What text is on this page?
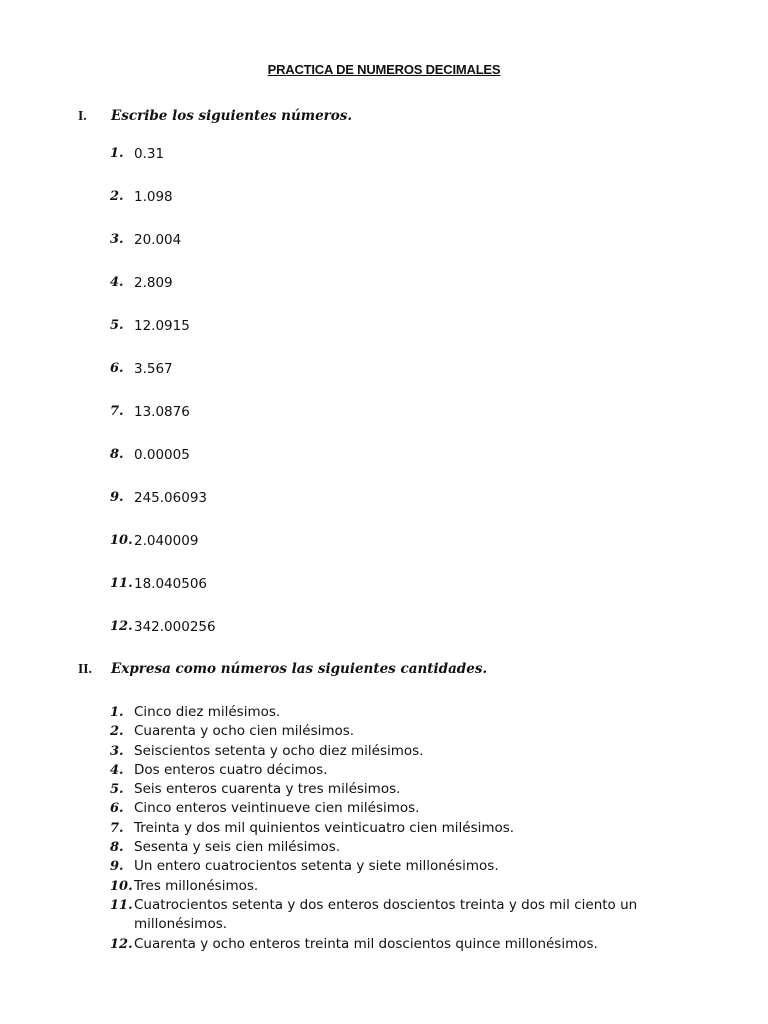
PRACTICA DE NUMEROS DECIMALES
I.	Escribe los siguientes números.
1. 0.31
2. 1.098
3. 20.004
4. 2.809
5. 12.0915
6. 3.567
7. 13.0876
8. 0.00005
9. 245.06093
10. 2.040009
11. 18.040506
12. 342.000256
II.	Expresa como números las siguientes cantidades.
1. Cinco diez milésimos.
2. Cuarenta y ocho cien milésimos.
3. Seiscientos setenta y ocho diez milésimos.
4. Dos enteros cuatro décimos.
5. Seis enteros cuarenta y tres milésimos.
6. Cinco enteros veintinueve cien milésimos.
7. Treinta y dos mil quinientos veinticuatro cien milésimos.
8. Sesenta y seis cien milésimos.
9. Un entero cuatrocientos setenta y siete millonésimos.
10. Tres millonésimos.
11. Cuatrocientos setenta y dos enteros doscientos treinta y dos mil ciento un millonésimos.
12. Cuarenta y ocho enteros treinta mil doscientos quince millonésimos.
